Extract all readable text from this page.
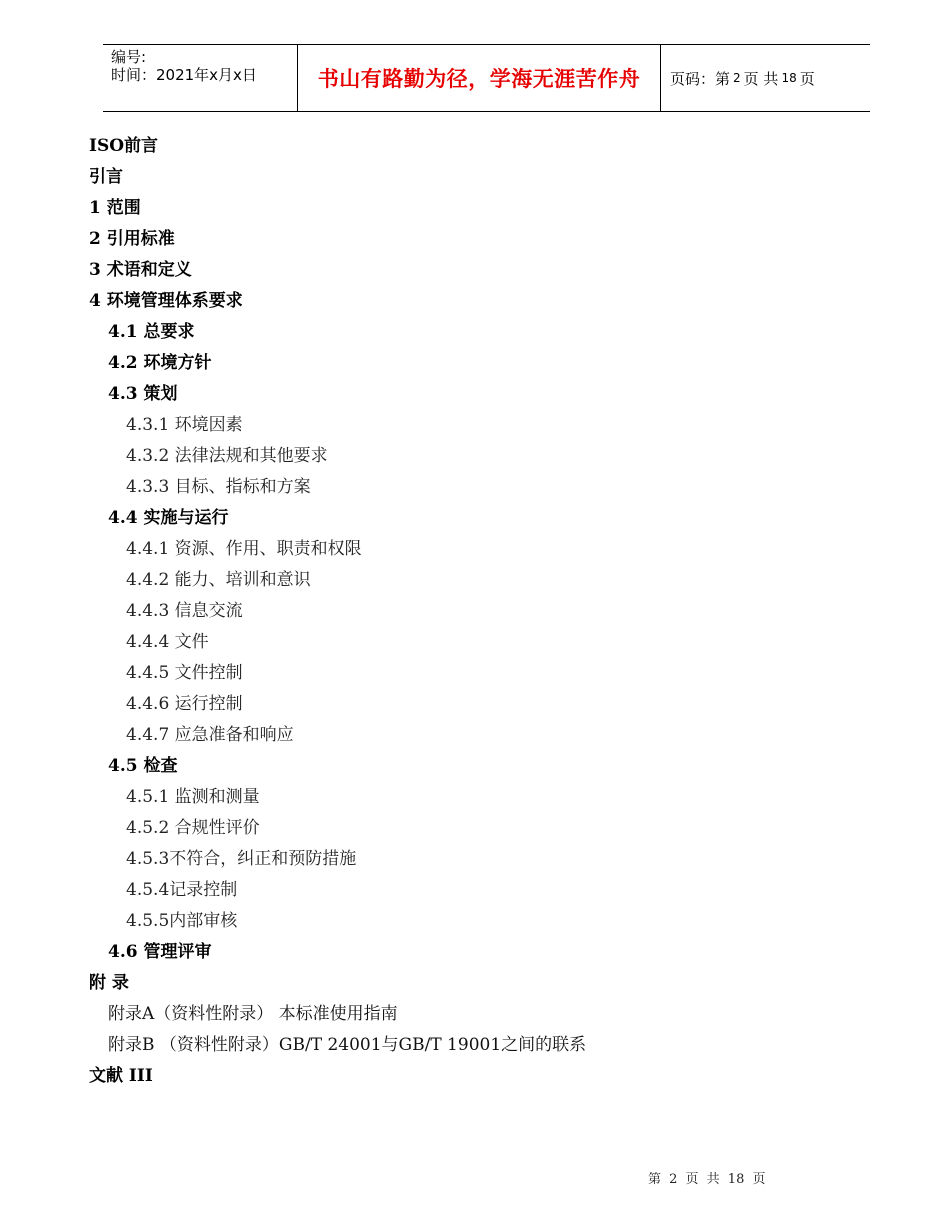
编号:
时间：2021年x月x日	书山有路勤为径，学海无涯苦作舟 页码：第 2 页 共 18 页
ISO前言
引言
1 范围
2 引用标准
3 术语和定义
4 环境管理体系要求
4.1 总要求
4.2 环境方针
4.3 策划
4.3.1 环境因素
4.3.2 法律法规和其他要求
4.3.3 目标、指标和方案
4.4 实施与运行
4.4.1 资源、作用、职责和权限
4.4.2 能力、培训和意识
4.4.3 信息交流
4.4.4 文件
4.4.5 文件控制
4.4.6 运行控制
4.4.7 应急准备和响应
4.5 检查
4.5.1 监测和测量
4.5.2 合规性评价
4.5.3不符合，纠正和预防措施
4.5.4记录控制
4.5.5内部审核
4.6 管理评审
附 录
附录A（资料性附录） 本标准使用指南
附录B （资料性附录）GB/T 24001与GB/T 19001之间的联系
文献 III
第 2 页 共 18 页
